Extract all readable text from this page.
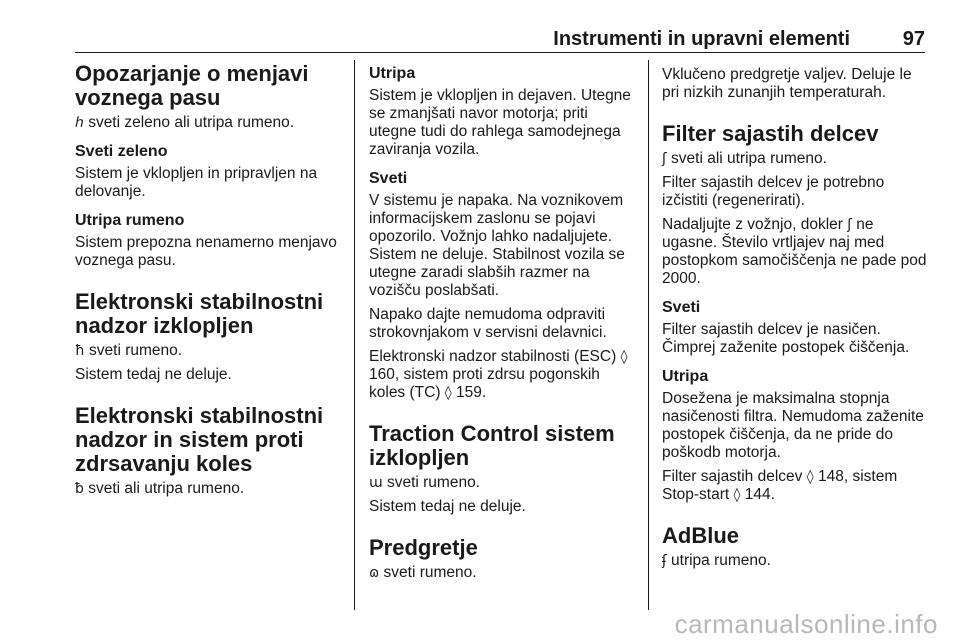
Instrumenti in upravni elementi	97
Opozarjanje o menjavi voznega pasu
ℎ sveti zeleno ali utripa rumeno.
Sveti zeleno
Sistem je vklopljen in pripravljen na delovanje.
Utripa rumeno
Sistem prepozna nenamerno menjavo voznega pasu.
Elektronski stabilnostni nadzor izklopljen
ħ sveti rumeno.
Sistem tedaj ne deluje.
Elektronski stabilnostni nadzor in sistem proti zdrsavanju koles
ƀ sveti ali utripa rumeno.
Utripa
Sistem je vklopljen in dejaven. Utegne se zmanjšati navor motorja; priti utegne tudi do rahlega samodejnega zaviranja vozila.
Sveti
V sistemu je napaka. Na voznikovem informacijskem zaslonu se pojavi opozorilo. Vožnjo lahko nadaljujete. Sistem ne deluje. Stabilnost vozila se utegne zaradi slabših razmer na vozišču poslabšati.
Napako dajte nemudoma odpraviti strokovnjakom v servisni delavnici.
Elektronski nadzor stabilnosti (ESC) ◊ 160, sistem proti zdrsu pogonskih koles (TC) ◊ 159.
Traction Control sistem izklopljen
ɯ sveti rumeno.
Sistem tedaj ne deluje.
Predgretje
ɷ sveti rumeno.
Vklučeno predgretje valjev. Deluje le pri nizkih zunanjih temperaturah.
Filter sajastih delcev
ʃ sveti ali utripa rumeno.
Filter sajastih delcev je potrebno izčistiti (regenerirati).
Nadaljujte z vožnjo, dokler ʃ ne ugasne. Število vrtljajev naj med postopkom samočiščenja ne pade pod 2000.
Sveti
Filter sajastih delcev je nasičen. Čimprej zaženite postopek čiščenja.
Utripa
Dosežena je maksimalna stopnja nasičenosti filtra. Nemudoma zaženite postopek čiščenja, da ne pride do poškodb motorja.
Filter sajastih delcev ◊ 148, sistem Stop-start ◊ 144.
AdBlue
ʄ utripa rumeno.
carmanualsonline.info
